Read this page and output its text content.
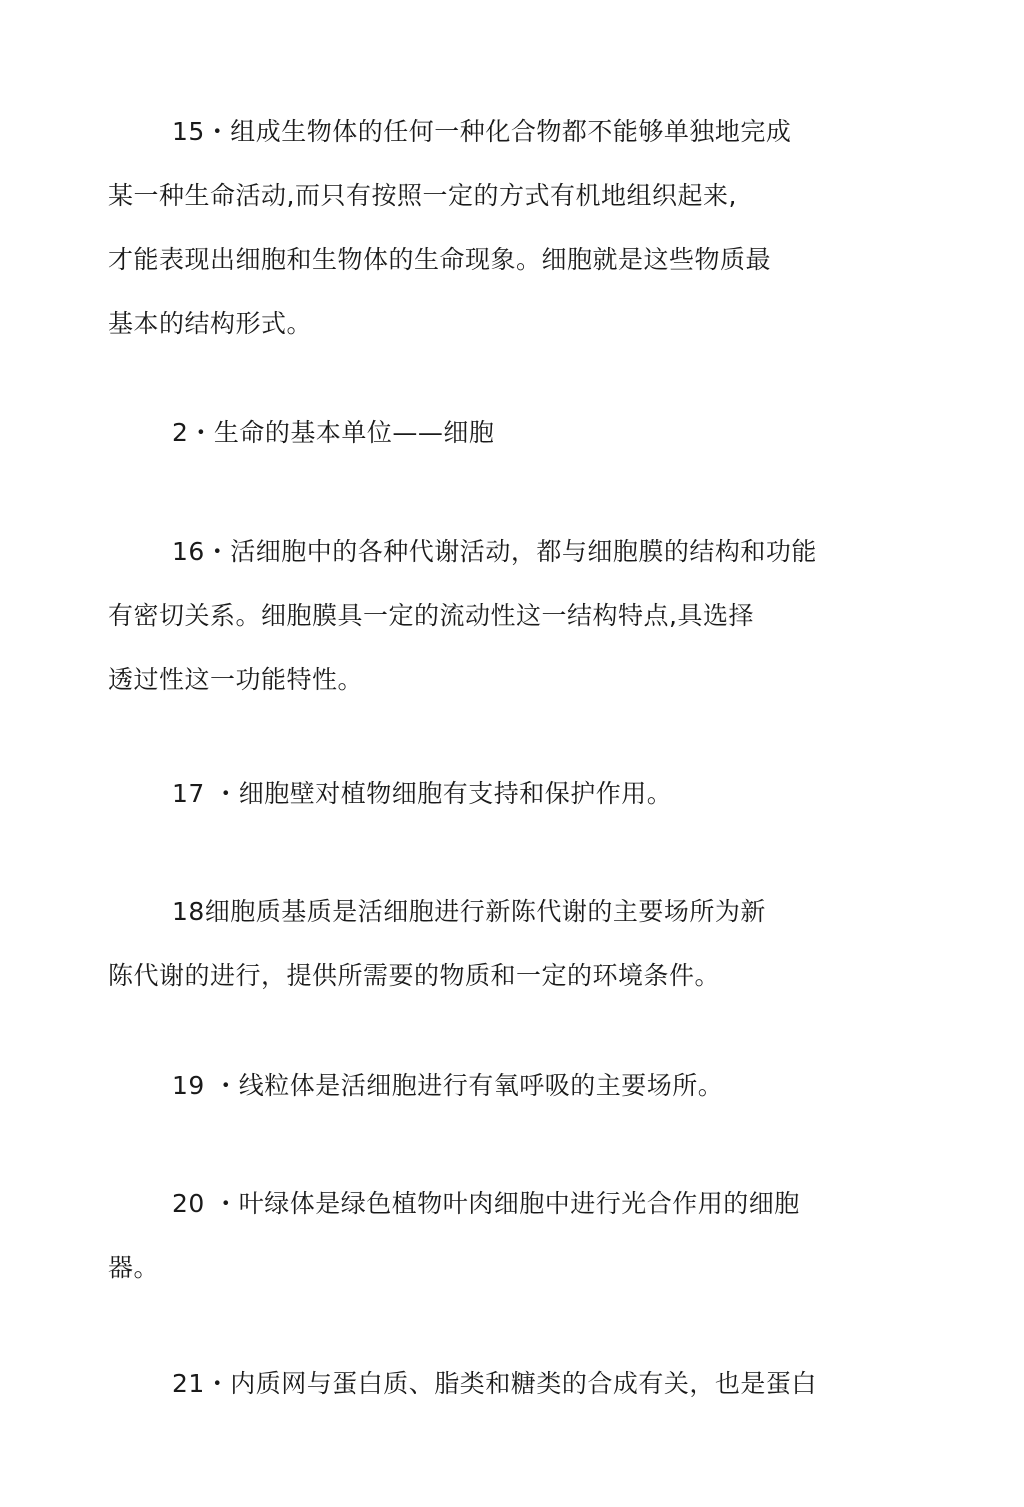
15・组成生物体的任何一种化合物都不能够单独地完成
某一种生命活动,而只有按照一定的方式有机地组织起来,
才能表现出细胞和生物体的生命现象。细胞就是这些物质最
基本的结构形式。
2・生命的基本单位——细胞
16・活细胞中的各种代谢活动，都与细胞膜的结构和功能
有密切关系。细胞膜具一定的流动性这一结构特点,具选择
透过性这一功能特性。
17 ・细胞壁对植物细胞有支持和保护作用。
18细胞质基质是活细胞进行新陈代谢的主要场所为新
陈代谢的进行，提供所需要的物质和一定的环境条件。
19 ・线粒体是活细胞进行有氧呼吸的主要场所。
20 ・叶绿体是绿色植物叶肉细胞中进行光合作用的细胞
器。
21・内质网与蛋白质、脂类和糖类的合成有关，也是蛋白
